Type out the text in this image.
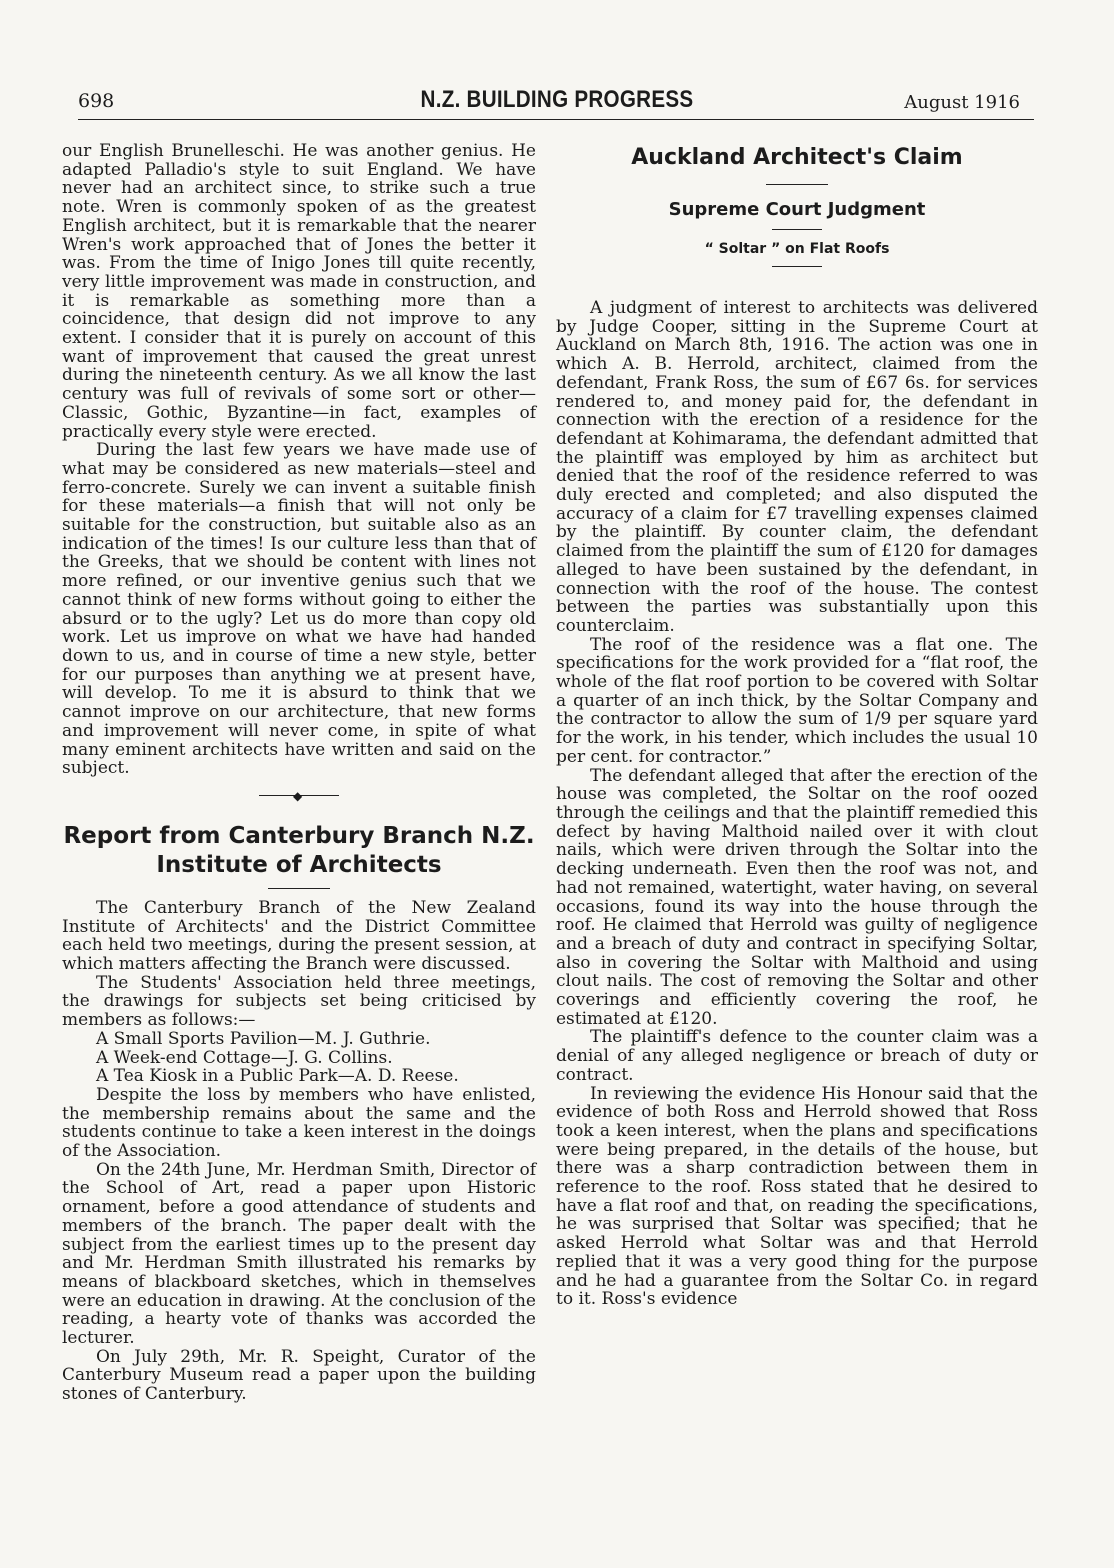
698	N.Z. BUILDING PROGRESS	August 1916

our English Brunelleschi. He was another genius. He adapted Palladio's style to suit England. We have never had an architect since, to strike such a true note. Wren is commonly spoken of as the greatest English architect, but it is remarkable that the nearer Wren's work approached that of Jones the better it was. From the time of Inigo Jones till quite recently, very little improvement was made in construction, and it is remarkable as something more than a coincidence, that design did not improve to any extent. I consider that it is purely on account of this want of improvement that caused the great unrest during the nineteenth century. As we all know the last century was full of revivals of some sort or other—Classic, Gothic, Byzantine—in fact, examples of practically every style were erected.

During the last few years we have made use of what may be considered as new materials—steel and ferro-concrete. Surely we can invent a suitable finish for these materials—a finish that will not only be suitable for the construction, but suitable also as an indication of the times! Is our culture less than that of the Greeks, that we should be content with lines not more refined, or our inventive genius such that we cannot think of new forms without going to either the absurd or to the ugly? Let us do more than copy old work. Let us improve on what we have had handed down to us, and in course of time a new style, better for our purposes than anything we at present have, will develop. To me it is absurd to think that we cannot improve on our architecture, that new forms and improvement will never come, in spite of what many eminent architects have written and said on the subject.

◆
Report from Canterbury Branch N.Z. Institute of Architects

The Canterbury Branch of the New Zealand Institute of Architects' and the District Committee each held two meetings, during the present session, at which matters affecting the Branch were discussed.

The Students' Association held three meetings, the drawings for subjects set being criticised by members as follows:—

A Small Sports Pavilion—M. J. Guthrie.

A Week-end Cottage—J. G. Collins.

A Tea Kiosk in a Public Park—A. D. Reese.

Despite the loss by members who have enlisted, the membership remains about the same and the students continue to take a keen interest in the doings of the Association.

On the 24th June, Mr. Herdman Smith, Director of the School of Art, read a paper upon Historic ornament, before a good attendance of students and members of the branch. The paper dealt with the subject from the earliest times up to the present day and Mr. Herdman Smith illustrated his remarks by means of blackboard sketches, which in themselves were an education in drawing. At the conclusion of the reading, a hearty vote of thanks was accorded the lecturer.

On July 29th, Mr. R. Speight, Curator of the Canterbury Museum read a paper upon the building stones of Canterbury.

Auckland Architect's Claim
Supreme Court Judgment
“ Soltar ” on Flat Roofs

A judgment of interest to architects was delivered by Judge Cooper, sitting in the Supreme Court at Auckland on March 8th, 1916. The action was one in which A. B. Herrold, architect, claimed from the defendant, Frank Ross, the sum of £67 6s. for services rendered to, and money paid for, the defendant in connection with the erection of a residence for the defendant at Kohimarama, the defendant admitted that the plaintiff was employed by him as architect but denied that the roof of the residence referred to was duly erected and completed; and also disputed the accuracy of a claim for £7 travelling expenses claimed by the plaintiff. By counter claim, the defendant claimed from the plaintiff the sum of £120 for damages alleged to have been sustained by the defendant, in connection with the roof of the house. The contest between the parties was substantially upon this counterclaim.

The roof of the residence was a flat one. The specifications for the work provided for a “flat roof, the whole of the flat roof portion to be covered with Soltar a quarter of an inch thick, by the Soltar Company and the contractor to allow the sum of 1/9 per square yard for the work, in his tender, which includes the usual 10 per cent. for contractor.”

The defendant alleged that after the erection of the house was completed, the Soltar on the roof oozed through the ceilings and that the plaintiff remedied this defect by having Malthoid nailed over it with clout nails, which were driven through the Soltar into the decking underneath. Even then the roof was not, and had not remained, watertight, water having, on several occasions, found its way into the house through the roof. He claimed that Herrold was guilty of negligence and a breach of duty and contract in specifying Soltar, also in covering the Soltar with Malthoid and using clout nails. The cost of removing the Soltar and other coverings and efficiently covering the roof, he estimated at £120.

The plaintiff's defence to the counter claim was a denial of any alleged negligence or breach of duty or contract.

In reviewing the evidence His Honour said that the evidence of both Ross and Herrold showed that Ross took a keen interest, when the plans and specifications were being prepared, in the details of the house, but there was a sharp contradiction between them in reference to the roof. Ross stated that he desired to have a flat roof and that, on reading the specifications, he was surprised that Soltar was specified; that he asked Herrold what Soltar was and that Herrold replied that it was a very good thing for the purpose and he had a guarantee from the Soltar Co. in regard to it. Ross's evidence
